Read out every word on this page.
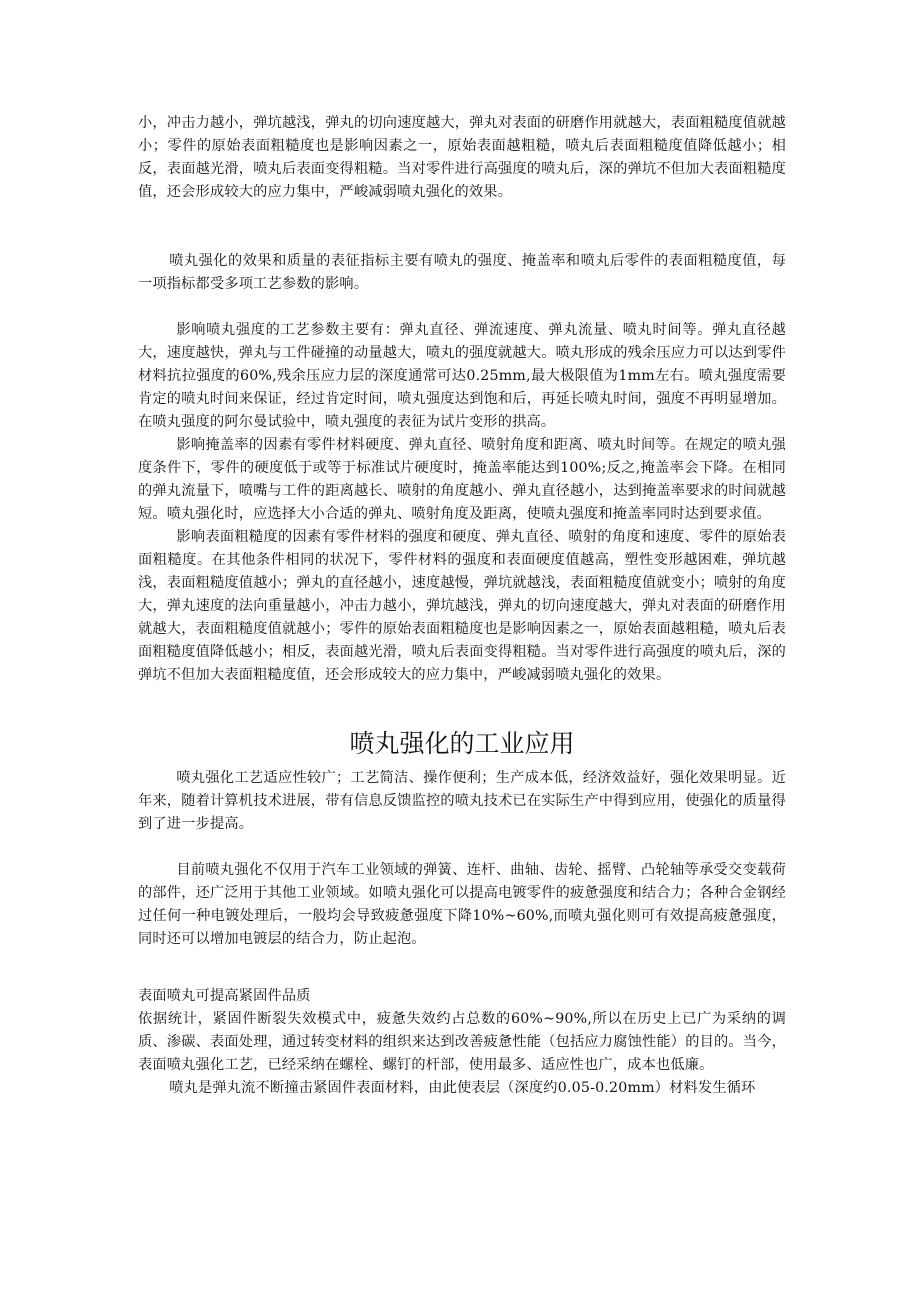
小，冲击力越小，弹坑越浅，弹丸的切向速度越大，弹丸对表面的研磨作用就越大，表面粗糙度值就越小；零件的原始表面粗糙度也是影响因素之一，原始表面越粗糙，喷丸后表面粗糙度值降低越小；相反，表面越光滑，喷丸后表面变得粗糙。当对零件进行高强度的喷丸后，深的弹坑不但加大表面粗糙度值，还会形成较大的应力集中，严峻减弱喷丸强化的效果。

喷丸强化的效果和质量的表征指标主要有喷丸的强度、掩盖率和喷丸后零件的表面粗糙度值，每一项指标都受多项工艺参数的影响。

影响喷丸强度的工艺参数主要有：弹丸直径、弹流速度、弹丸流量、喷丸时间等。弹丸直径越大，速度越快，弹丸与工件碰撞的动量越大，喷丸的强度就越大。喷丸形成的残余压应力可以达到零件材料抗拉强度的60%,残余压应力层的深度通常可达0.25mm,最大极限值为1mm左右。喷丸强度需要肯定的喷丸时间来保证，经过肯定时间，喷丸强度达到饱和后，再延长喷丸时间，强度不再明显增加。在喷丸强度的阿尔曼试验中，喷丸强度的表征为试片变形的拱高。

影响掩盖率的因素有零件材料硬度、弹丸直径、喷射角度和距离、喷丸时间等。在规定的喷丸强度条件下，零件的硬度低于或等于标准试片硬度时，掩盖率能达到100%;反之,掩盖率会下降。在相同的弹丸流量下，喷嘴与工件的距离越长、喷射的角度越小、弹丸直径越小，达到掩盖率要求的时间就越短。喷丸强化时，应选择大小合适的弹丸、喷射角度及距离，使喷丸强度和掩盖率同时达到要求值。

影响表面粗糙度的因素有零件材料的强度和硬度、弹丸直径、喷射的角度和速度、零件的原始表面粗糙度。在其他条件相同的状况下，零件材料的强度和表面硬度值越高，塑性变形越困难，弹坑越浅，表面粗糙度值越小；弹丸的直径越小，速度越慢，弹坑就越浅，表面粗糙度值就变小；喷射的角度大，弹丸速度的法向重量越小，冲击力越小，弹坑越浅，弹丸的切向速度越大，弹丸对表面的研磨作用就越大，表面粗糙度值就越小；零件的原始表面粗糙度也是影响因素之一，原始表面越粗糙，喷丸后表面粗糙度值降低越小；相反，表面越光滑，喷丸后表面变得粗糙。当对零件进行高强度的喷丸后，深的弹坑不但加大表面粗糙度值，还会形成较大的应力集中，严峻减弱喷丸强化的效果。

喷丸强化的工业应用

喷丸强化工艺适应性较广；工艺简洁、操作便利；生产成本低，经济效益好，强化效果明显。近年来，随着计算机技术进展，带有信息反馈监控的喷丸技术已在实际生产中得到应用，使强化的质量得到了进一步提高。

目前喷丸强化不仅用于汽车工业领域的弹簧、连杆、曲轴、齿轮、摇臂、凸轮轴等承受交变载荷的部件，还广泛用于其他工业领域。如喷丸强化可以提高电镀零件的疲惫强度和结合力；各种合金钢经过任何一种电镀处理后，一般均会导致疲惫强度下降10%~60%,而喷丸强化则可有效提高疲惫强度，同时还可以增加电镀层的结合力，防止起泡。

表面喷丸可提高紧固件品质

依据统计，紧固件断裂失效模式中，疲惫失效约占总数的60%~90%,所以在历史上已广为采纳的调质、渗碳、表面处理，通过转变材料的组织来达到改善疲惫性能（包括应力腐蚀性能）的目的。当今，表面喷丸强化工艺，已经采纳在螺栓、螺钉的杆部，使用最多、适应性也广，成本也低廉。

喷丸是弹丸流不断撞击紧固件表面材料，由此使表层（深度约0.05-0.20mm）材料发生循环
